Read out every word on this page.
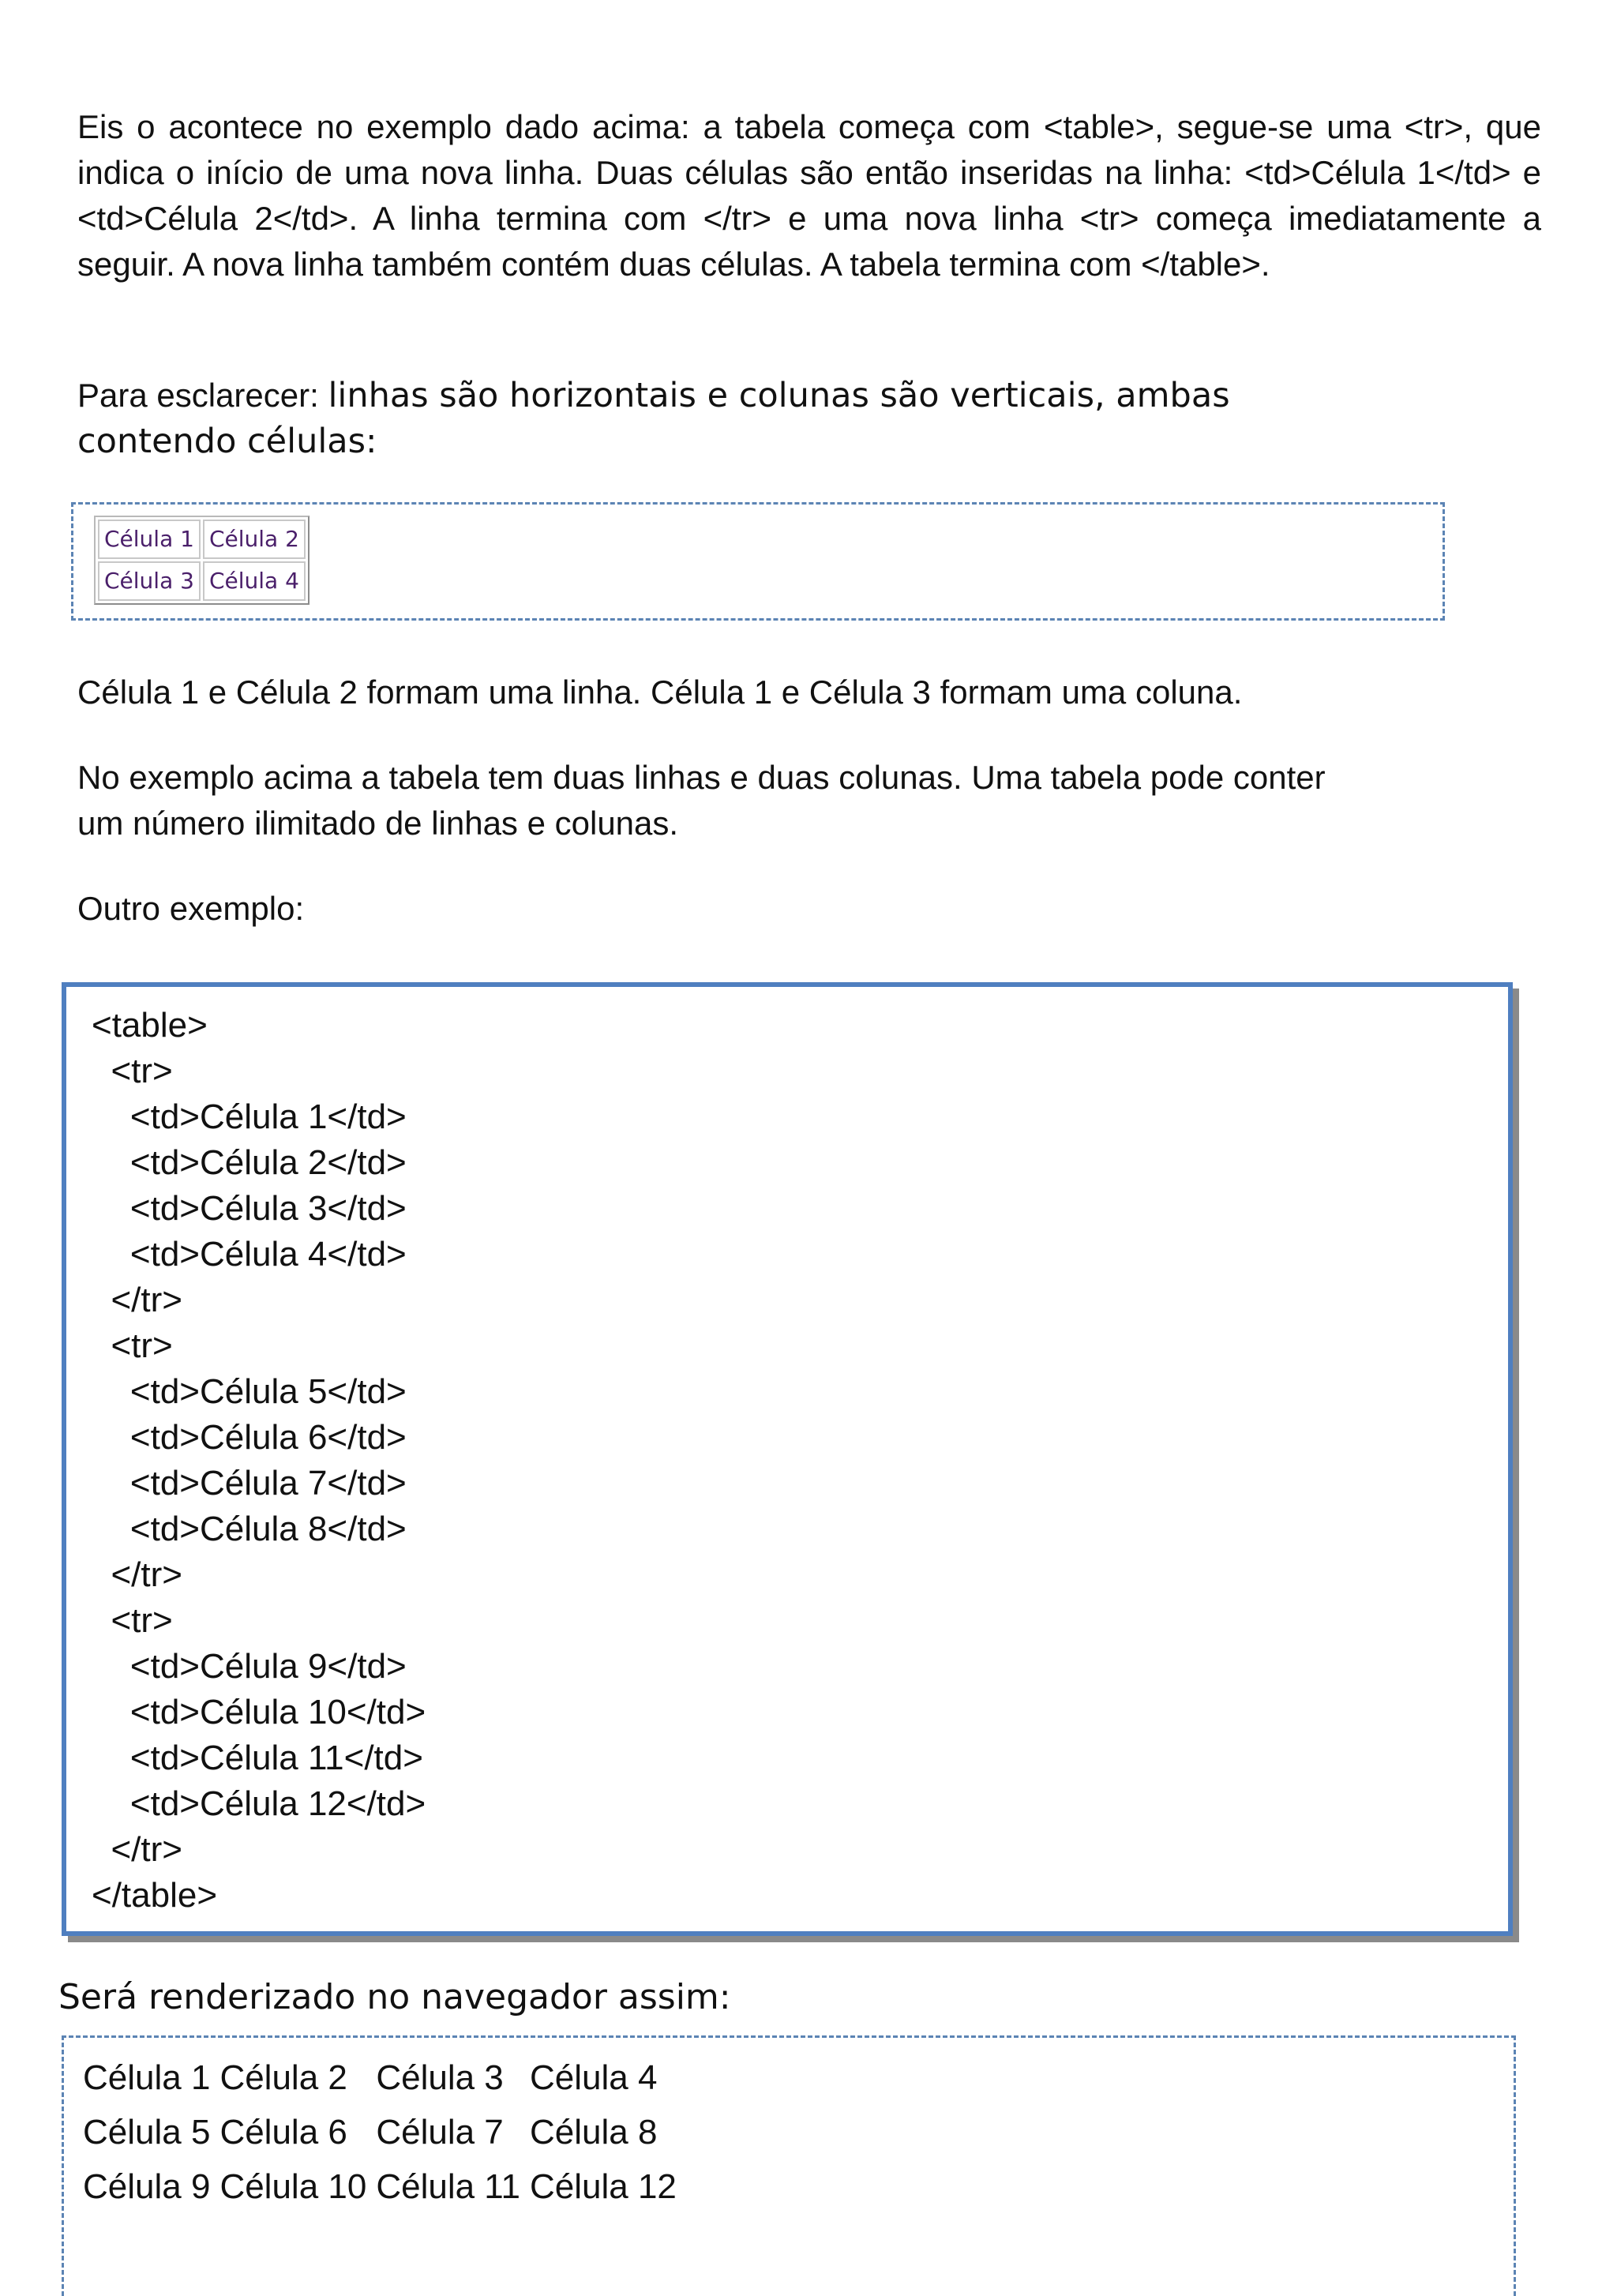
Eis o acontece no exemplo dado acima: a tabela começa com <table>, segue-se uma <tr>, que indica o início de uma nova linha. Duas células são então inseridas na linha: <td>Célula 1</td> e <td>Célula 2</td>. A linha termina com </tr> e uma nova linha <tr> começa imediatamente a seguir. A nova linha também contém duas células. A tabela termina com </table>.

Para esclarecer: linhas são horizontais e colunas são verticais, ambas
contendo células:

Célula 1	Célula 2
Célula 3	Célula 4

Célula 1 e Célula 2 formam uma linha. Célula 1 e Célula 3 formam uma coluna.

No exemplo acima a tabela tem duas linhas e duas colunas. Uma tabela pode conter
um número ilimitado de linhas e colunas.

Outro exemplo:

<table>
<tr>
<td>Célula 1</td>
<td>Célula 2</td>
<td>Célula 3</td>
<td>Célula 4</td>
</tr>
<tr>
<td>Célula 5</td>
<td>Célula 6</td>
<td>Célula 7</td>
<td>Célula 8</td>
</tr>
<tr>
<td>Célula 9</td>
<td>Célula 10</td>
<td>Célula 11</td>
<td>Célula 12</td>
</tr>
</table>

Será renderizado no navegador assim:

Célula 1	Célula 2	Célula 3	Célula 4
Célula 5	Célula 6	Célula 7	Célula 8
Célula 9	Célula 10	Célula 11	Célula 12
